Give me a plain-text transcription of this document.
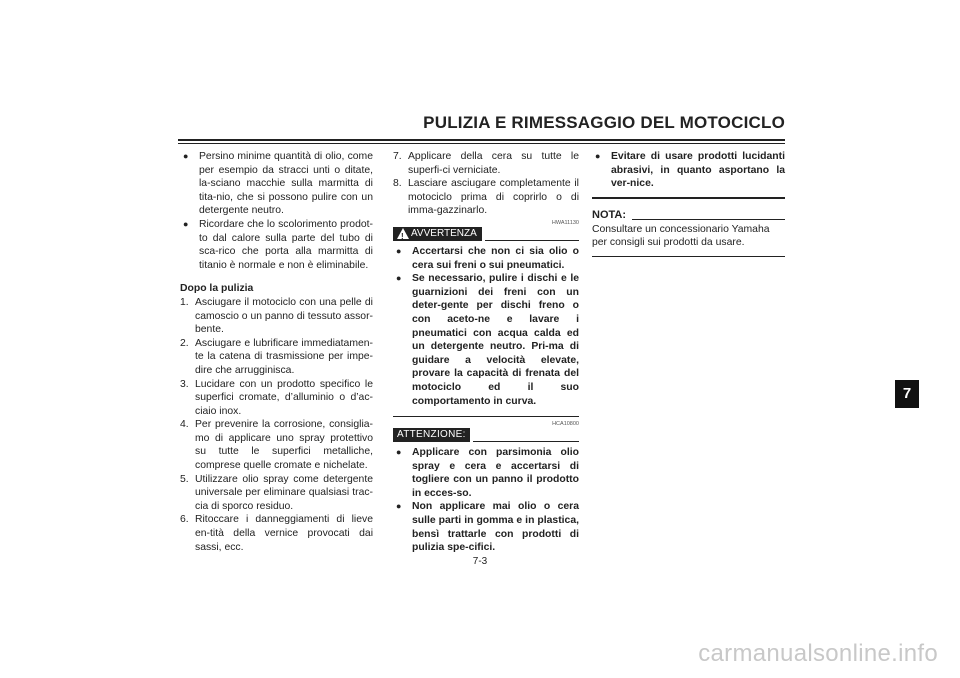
PULIZIA E RIMESSAGGIO DEL MOTOCICLO
7
● Persino minime quantità di olio, come per esempio da stracci unti o ditate, la-sciano macchie sulla marmitta di tita-nio, che si possono pulire con un detergente neutro.
● Ricordare che lo scolorimento prodot-to dal calore sulla parte del tubo di sca-rico che porta alla marmitta di titanio è normale e non è eliminabile.
Dopo la pulizia
1. Asciugare il motociclo con una pelle di camoscio o un panno di tessuto assor-bente.
2. Asciugare e lubrificare immediatamen-te la catena di trasmissione per impe-dire che arrugginisca.
3. Lucidare con un prodotto specifico le superfici cromate, d’alluminio o d’ac-ciaio inox.
4. Per prevenire la corrosione, consiglia-mo di applicare uno spray protettivo su tutte le superfici metalliche, comprese quelle cromate e nichelate.
5. Utilizzare olio spray come detergente universale per eliminare qualsiasi trac-cia di sporco residuo.
6. Ritoccare i danneggiamenti di lieve en-tità della vernice provocati dai sassi, ecc.
7. Applicare della cera su tutte le superfi-ci verniciate.
8. Lasciare asciugare completamente il motociclo prima di coprirlo o di imma-gazzinarlo.
HWA11130
!
AVVERTENZA
● Accertarsi che non ci sia olio o cera sui freni o sui pneumatici.
● Se necessario, pulire i dischi e le guarnizioni dei freni con un deter-gente per dischi freno o con aceto-ne e lavare i pneumatici con acqua calda ed un detergente neutro. Pri-ma di guidare a velocità elevate, provare la capacità di frenata del motociclo ed il suo comportamento in curva.
HCA10800
ATTENZIONE:
● Applicare con parsimonia olio spray e cera e accertarsi di togliere con un panno il prodotto in ecces-so.
● Non applicare mai olio o cera sulle parti in gomma e in plastica, bensì trattarle con prodotti di pulizia spe-cifici.
● Evitare di usare prodotti lucidanti abrasivi, in quanto asportano la ver-nice.
NOTA:
Consultare un concessionario Yamaha per consigli sui prodotti da usare.
7-3
carmanualsonline.info
